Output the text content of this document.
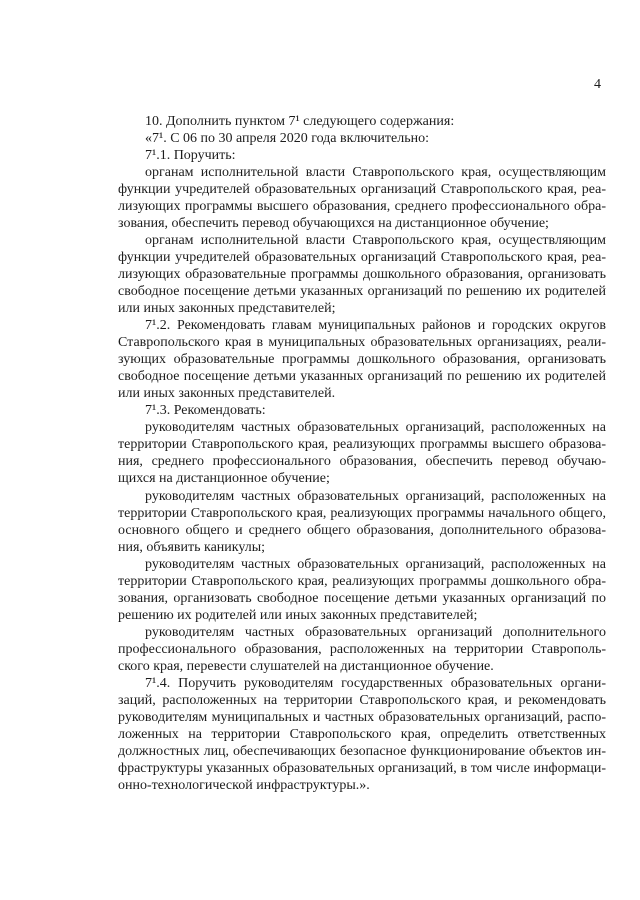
4
10. Дополнить пунктом 7¹ следующего содержания:
«7¹. С 06 по 30 апреля 2020 года включительно:
7¹.1. Поручить:
органам исполнительной власти Ставропольского края, осуществляющим
функции учредителей образовательных организаций Ставропольского края, реа-
лизующих программы высшего образования, среднего профессионального обра-
зования, обеспечить перевод обучающихся на дистанционное обучение;
органам исполнительной власти Ставропольского края, осуществляющим
функции учредителей образовательных организаций Ставропольского края, реа-
лизующих образовательные программы дошкольного образования, организовать
свободное посещение детьми указанных организаций по решению их родителей
или иных законных представителей;
7¹.2. Рекомендовать главам муниципальных районов и городских округов
Ставропольского края в муниципальных образовательных организациях, реали-
зующих образовательные программы дошкольного образования, организовать
свободное посещение детьми указанных организаций по решению их родителей
или иных законных представителей.
7¹.3. Рекомендовать:
руководителям частных образовательных организаций, расположенных на
территории Ставропольского края, реализующих программы высшего образова-
ния, среднего профессионального образования, обеспечить перевод обучаю-
щихся на дистанционное обучение;
руководителям частных образовательных организаций, расположенных на
территории Ставропольского края, реализующих программы начального общего,
основного общего и среднего общего образования, дополнительного образова-
ния, объявить каникулы;
руководителям частных образовательных организаций, расположенных на
территории Ставропольского края, реализующих программы дошкольного обра-
зования, организовать свободное посещение детьми указанных организаций по
решению их родителей или иных законных представителей;
руководителям частных образовательных организаций дополнительного
профессионального образования, расположенных на территории Ставрополь-
ского края, перевести слушателей на дистанционное обучение.
7¹.4. Поручить руководителям государственных образовательных органи-
заций, расположенных на территории Ставропольского края, и рекомендовать
руководителям муниципальных и частных образовательных организаций, распо-
ложенных на территории Ставропольского края, определить ответственных
должностных лиц, обеспечивающих безопасное функционирование объектов ин-
фраструктуры указанных образовательных организаций, в том числе информаци-
онно-технологической инфраструктуры.».
